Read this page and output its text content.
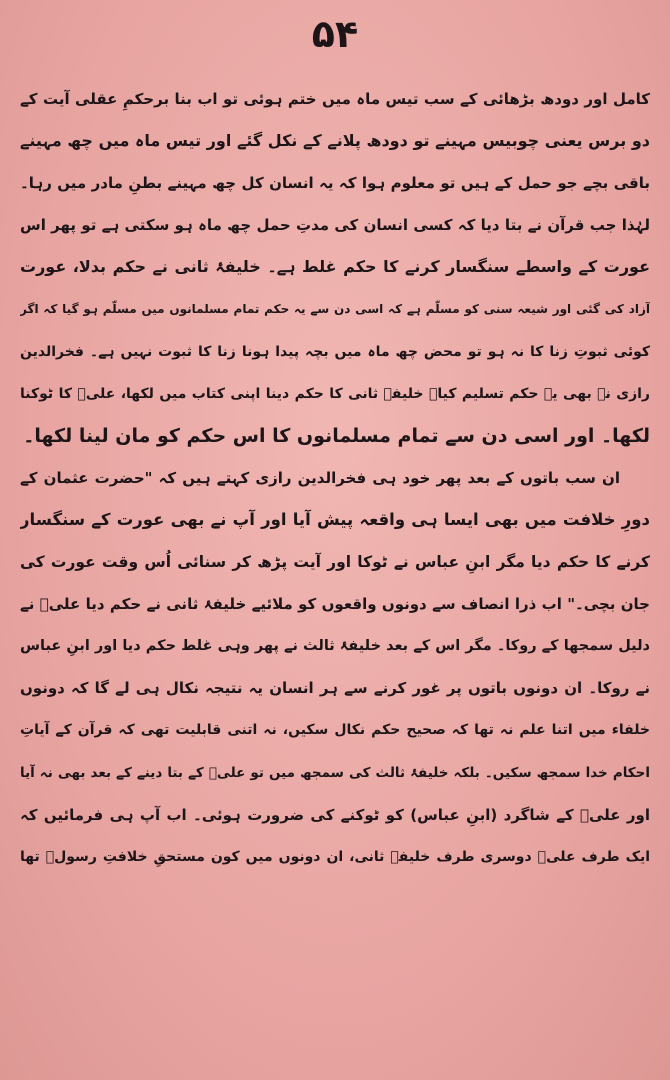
۵۴
کامل اور دودھ بڑھائی کے سب تیس ماہ میں ختم ہوئی تو اب بنا برحکمِ عقلی آیت کے
دو برس یعنی چوبیس مہینے تو دودھ پلانے کے نکل گئے اور تیس ماہ میں چھ مہینے
باقی بچے جو حمل کے ہیں تو معلوم ہوا کہ یہ انسان کل چھ مہینے بطنِ مادر میں رہا۔
لہٰذا جب قرآن نے بتا دیا کہ کسی انسان کی مدتِ حمل چھ ماہ ہو سکتی ہے تو پھر اس
عورت کے واسطے سنگسار کرنے کا حکم غلط ہے۔ خلیفۂ ثانی نے حکم بدلا، عورت
آزاد کی گئی اور شیعہ سنی کو مسلّم ہے کہ اسی دن سے یہ حکم تمام مسلمانوں میں مسلّم ہو گیا کہ اگر
کوئی ثبوتِ زنا کا نہ ہو تو محض چھ ماہ میں بچہ پیدا ہونا زنا کا ثبوت نہیں ہے۔ فخرالدین
رازی نے بھی یہ حکم تسلیم کیا۔ خلیفۂ ثانی کا حکم دینا اپنی کتاب میں لکھا، علیؑ کا ٹوکنا
لکھا۔ اور اسی دن سے تمام مسلمانوں کا اس حکم کو مان لینا لکھا۔
ان سب باتوں کے بعد پھر خود ہی فخرالدین رازی کہتے ہیں کہ "حضرت عثمان کے
دورِ خلافت میں بھی ایسا ہی واقعہ پیش آیا اور آپ نے بھی عورت کے سنگسار
کرنے کا حکم دیا مگر ابنِ عباس نے ٹوکا اور آیت پڑھ کر سنائی اُس وقت عورت کی
جان بچی۔" اب ذرا انصاف سے دونوں واقعوں کو ملائیے خلیفۂ ثانی نے حکم دیا علیؑ نے
دلیل سمجھا کے روکا۔ مگر اس کے بعد خلیفۂ ثالث نے پھر وہی غلط حکم دیا اور ابنِ عباس
نے روکا۔ ان دونوں باتوں پر غور کرنے سے ہر انسان یہ نتیجہ نکال ہی لے گا کہ دونوں
خلفاء میں اتنا علم نہ تھا کہ صحیح حکم نکال سکیں، نہ اتنی قابلیت تھی کہ قرآن کے آیاتِ
احکام خدا سمجھ سکیں۔ بلکہ خلیفۂ ثالث کی سمجھ میں تو علیؑ کے بتا دینے کے بعد بھی نہ آیا
اور علیؑ کے شاگرد (ابنِ عباس) کو ٹوکنے کی ضرورت ہوئی۔ اب آپ ہی فرمائیں کہ
ایک طرف علیؑ دوسری طرف خلیفۂ ثانی، ان دونوں میں کون مستحقِ خلافتِ رسولؐ تھا
